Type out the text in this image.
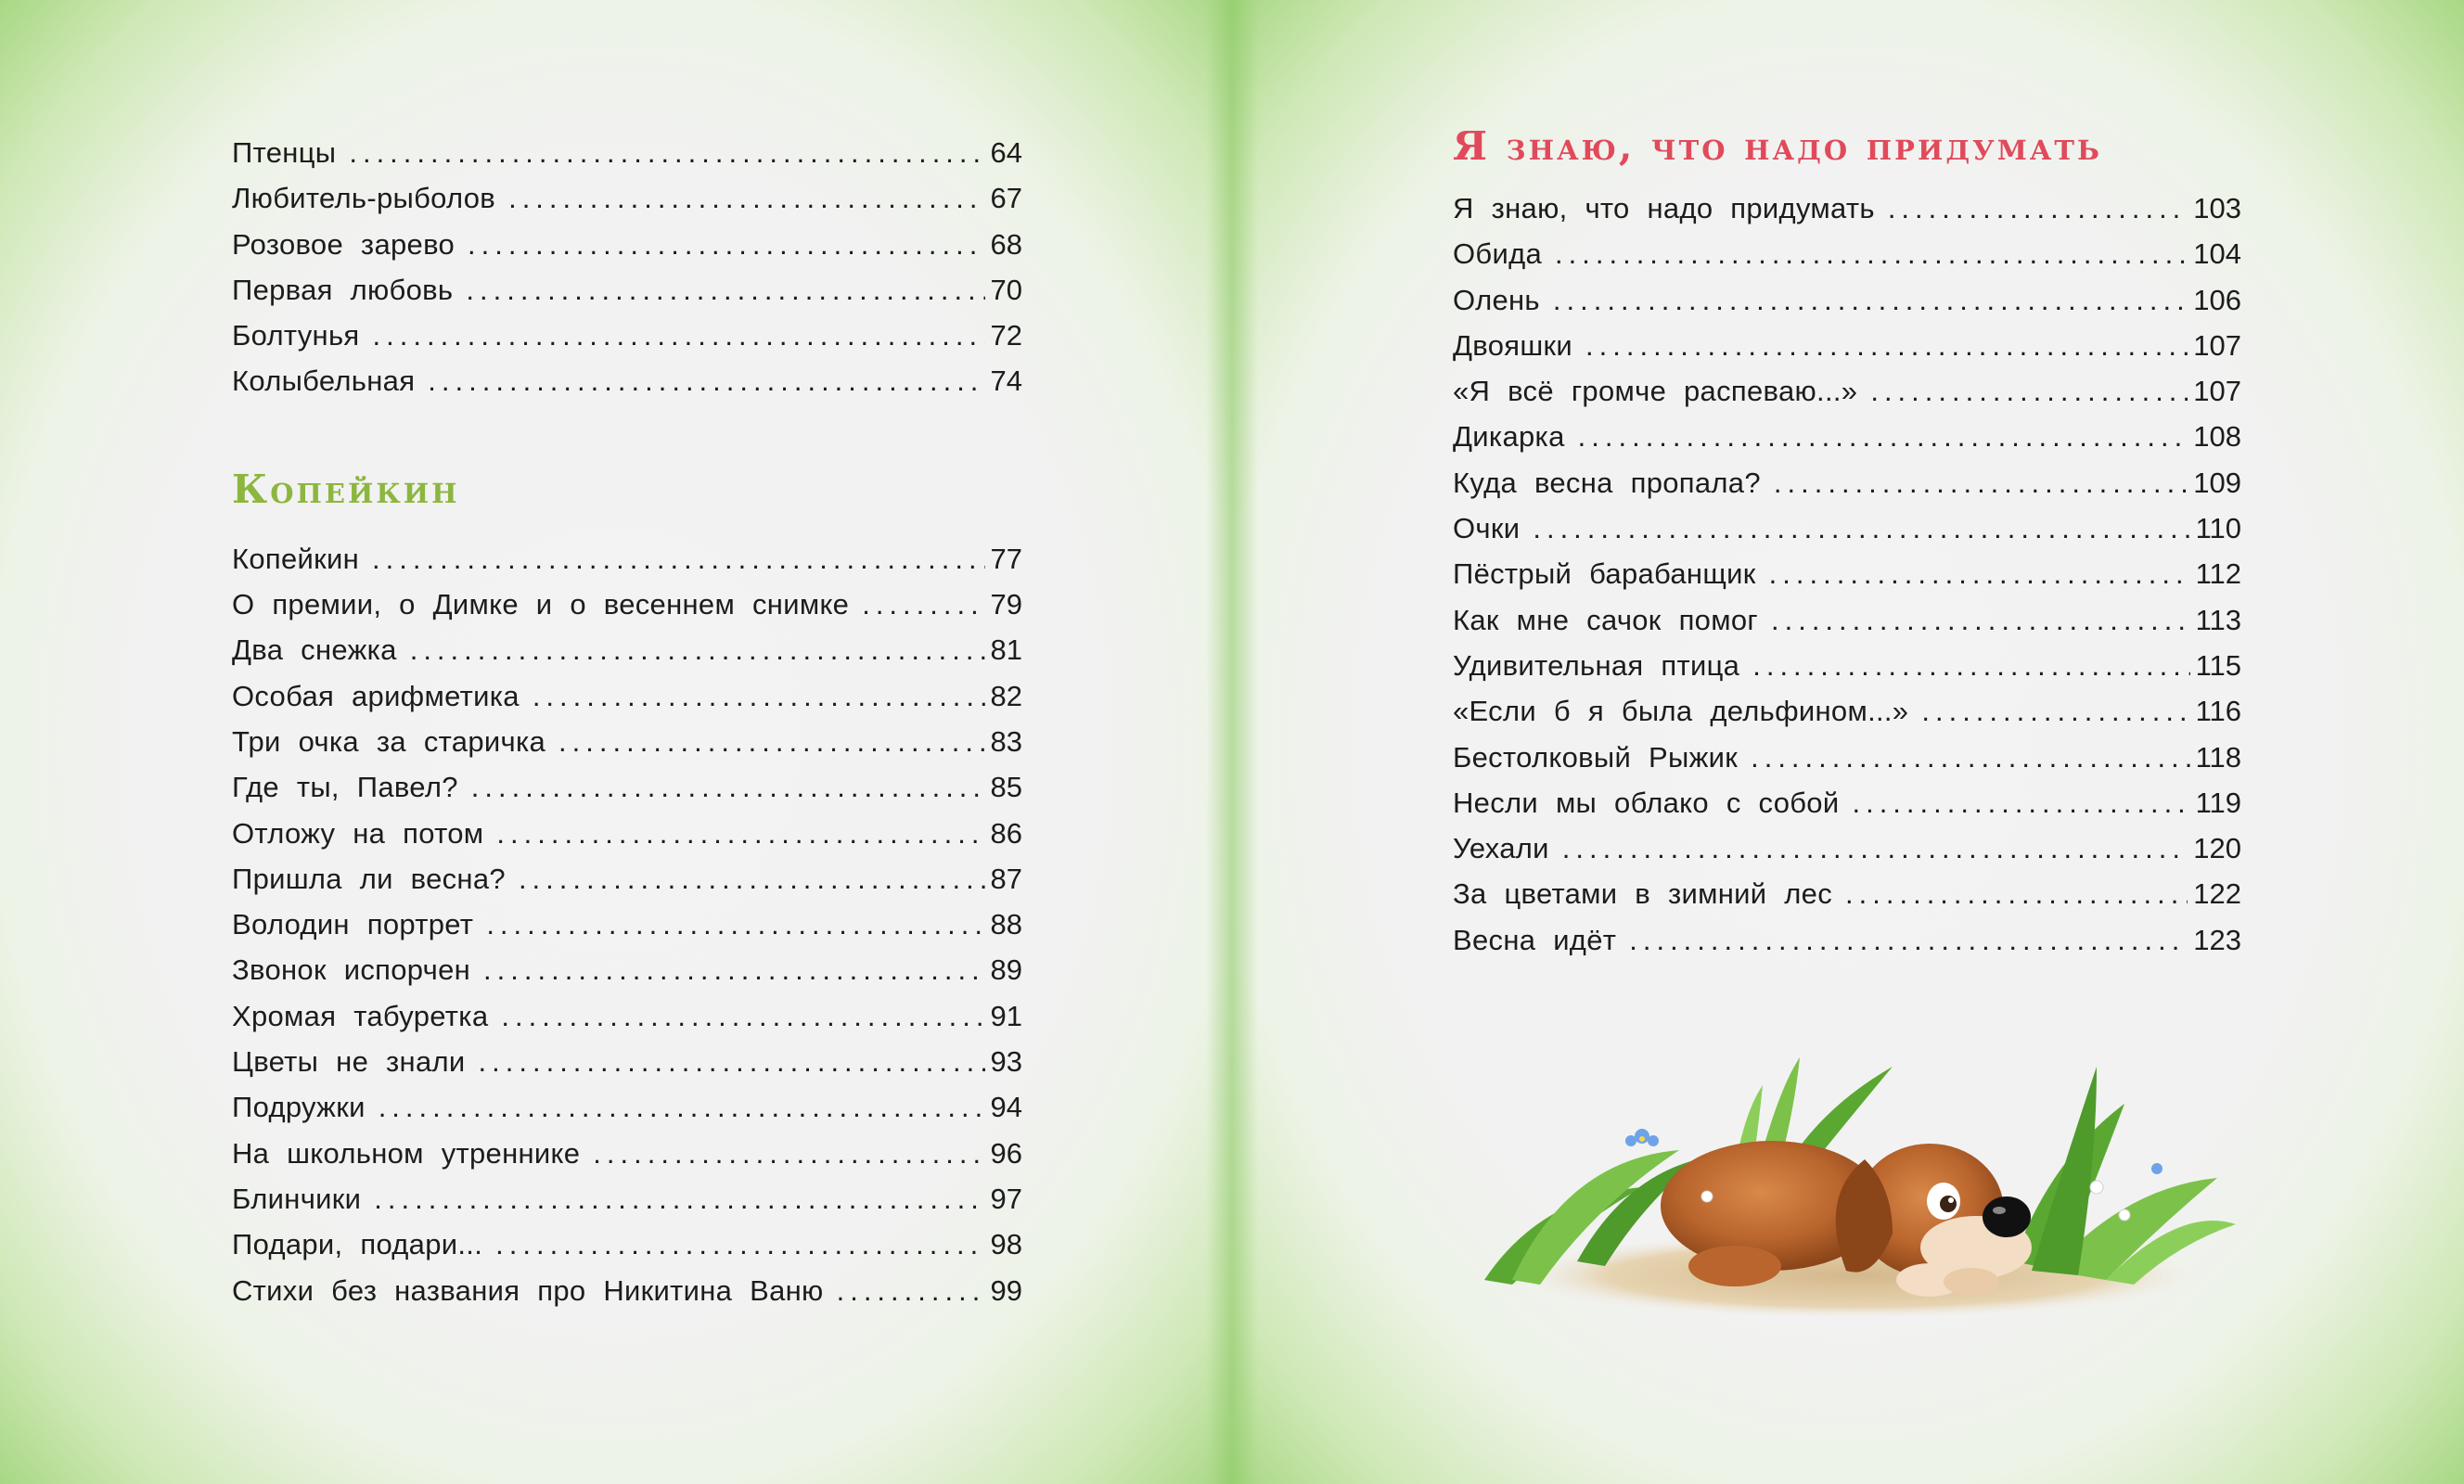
Птенцы .....	64
Любитель-рыболов .....	67
Розовое зарево .....	68
Первая любовь .....	70
Болтунья .....	72
Колыбельная .....	74
Копейкин
Копейкин .....	77
О премии, о Димке и о весеннем снимке .....	79
Два снежка .....	81
Особая арифметика .....	82
Три очка за старичка .....	83
Где ты, Павел? .....	85
Отложу на потом .....	86
Пришла ли весна? .....	87
Володин портрет .....	88
Звонок испорчен .....	89
Хромая табуретка .....	91
Цветы не знали .....	93
Подружки .....	94
На школьном утреннике .....	96
Блинчики .....	97
Подари, подари... .....	98
Стихи без названия про Никитина Ваню .....	99
Я знаю, что надо придумать
Я знаю, что надо придумать .....	103
Обида .....	104
Олень .....	106
Двояшки .....	107
«Я всё громче распеваю...» .....	107
Дикарка .....	108
Куда весна пропала? .....	109
Очки .....	110
Пёстрый барабанщик .....	112
Как мне сачок помог .....	113
Удивительная птица .....	115
«Если б я была дельфином...» .....	116
Бестолковый Рыжик .....	118
Несли мы облако с собой .....	119
Уехали .....	120
За цветами в зимний лес .....	122
Весна идёт .....	123
